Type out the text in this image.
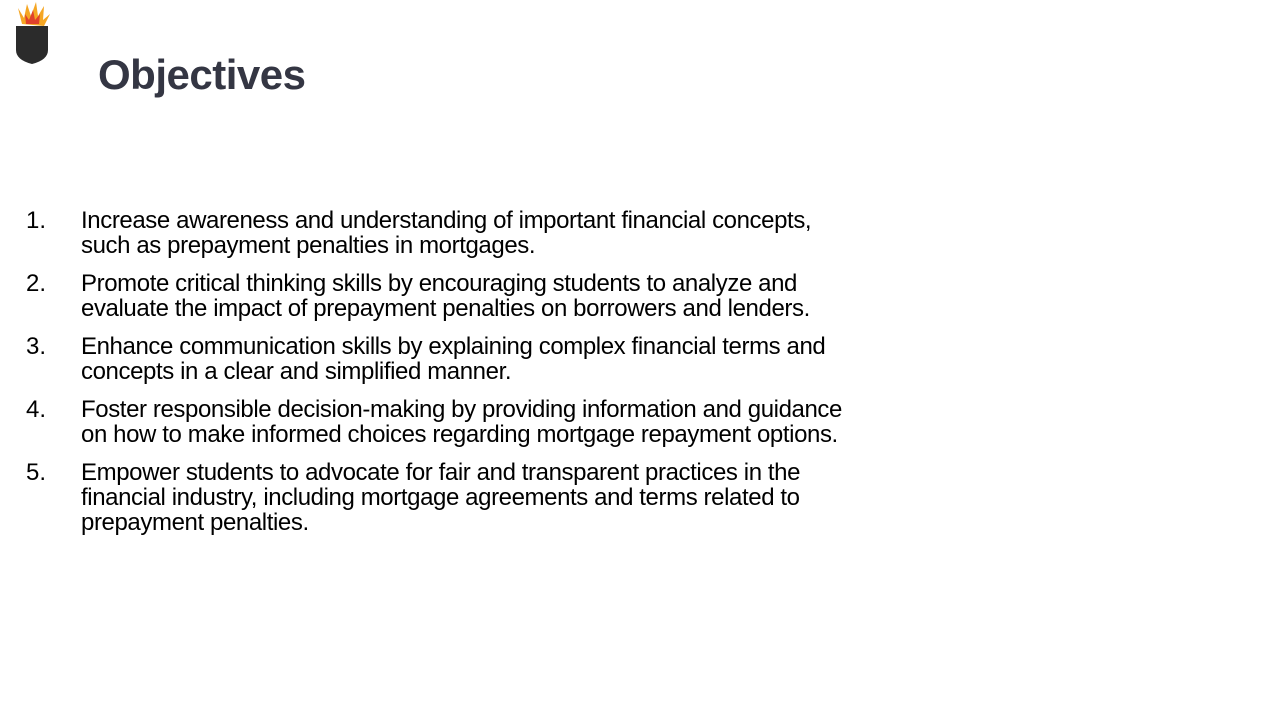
Objectives
1.	Increase awareness and understanding of important financial concepts, such as prepayment penalties in mortgages.
2.	Promote critical thinking skills by encouraging students to analyze and evaluate the impact of prepayment penalties on borrowers and lenders.
3.	Enhance communication skills by explaining complex financial terms and concepts in a clear and simplified manner.
4.	Foster responsible decision-making by providing information and guidance on how to make informed choices regarding mortgage repayment options.
5.	Empower students to advocate for fair and transparent practices in the financial industry, including mortgage agreements and terms related to prepayment penalties.
